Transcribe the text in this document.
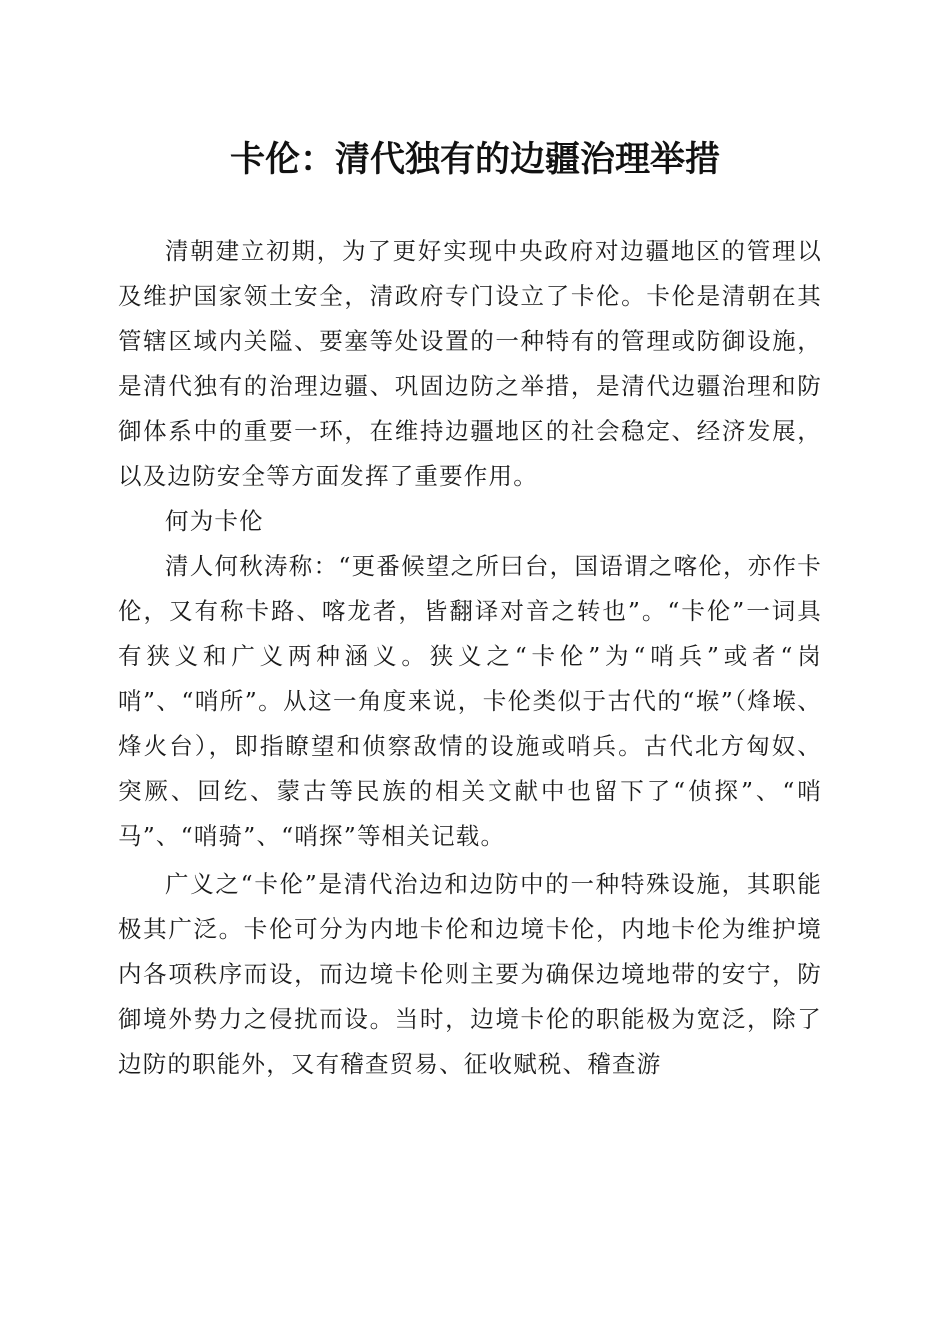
卡伦：清代独有的边疆治理举措

清朝建立初期，为了更好实现中央政府对边疆地区的管理以及维护国家领土安全，清政府专门设立了卡伦。卡伦是清朝在其管辖区域内关隘、要塞等处设置的一种特有的管理或防御设施，是清代独有的治理边疆、巩固边防之举措，是清代边疆治理和防御体系中的重要一环，在维持边疆地区的社会稳定、经济发展，以及边防安全等方面发挥了重要作用。

何为卡伦

清人何秋涛称：“更番候望之所曰台，国语谓之喀伦，亦作卡伦，又有称卡路、喀龙者，皆翻译对音之转也”。“卡伦”一词具有狭义和广义两种涵义。狭义之“卡伦”为“哨兵”或者“岗哨”、“哨所”。从这一角度来说，卡伦类似于古代的“堠”（烽堠、烽火台），即指瞭望和侦察敌情的设施或哨兵。古代北方匈奴、突厥、回纥、蒙古等民族的相关文献中也留下了“侦探”、“哨马”、“哨骑”、“哨探”等相关记载。

广义之“卡伦”是清代治边和边防中的一种特殊设施，其职能极其广泛。卡伦可分为内地卡伦和边境卡伦，内地卡伦为维护境内各项秩序而设，而边境卡伦则主要为确保边境地带的安宁，防御境外势力之侵扰而设。当时，边境卡伦的职能极为宽泛，除了边防的职能外，又有稽查贸易、征收赋税、稽查游
